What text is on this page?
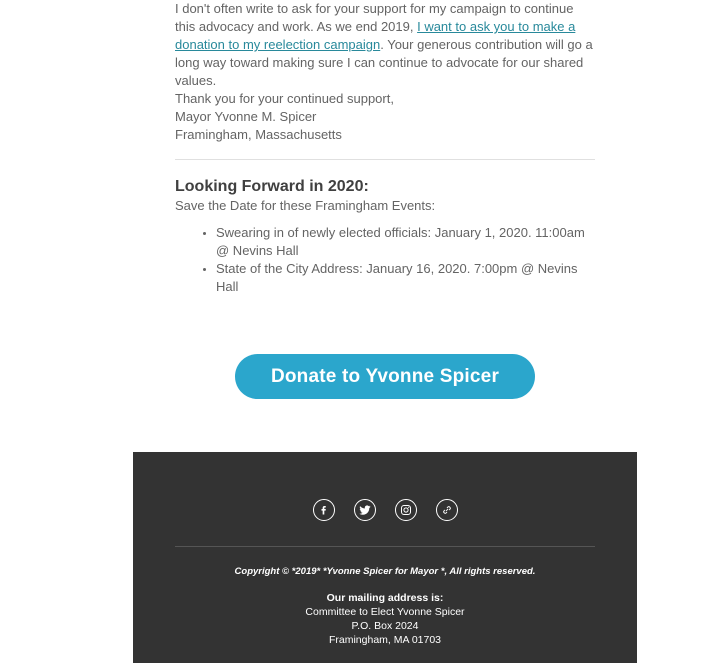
I don't often write to ask for your support for my campaign to continue this advocacy and work. As we end 2019, I want to ask you to make a donation to my reelection campaign. Your generous contribution will go a long way toward making sure I can continue to advocate for our shared values.

Thank you for your continued support,

Mayor Yvonne M. Spicer
Framingham, Massachusetts

Looking Forward in 2020:

Save the Date for these Framingham Events:

• Swearing in of newly elected officials: January 1, 2020. 11:00am @ Nevins Hall
• State of the City Address: January 16, 2020. 7:00pm @ Nevins Hall
Donate to Yvonne Spicer

Copyright © *2019* *Yvonne Spicer for Mayor *, All rights reserved.

Our mailing address is:
Committee to Elect Yvonne Spicer
P.O. Box 2024
Framingham, MA 01703
